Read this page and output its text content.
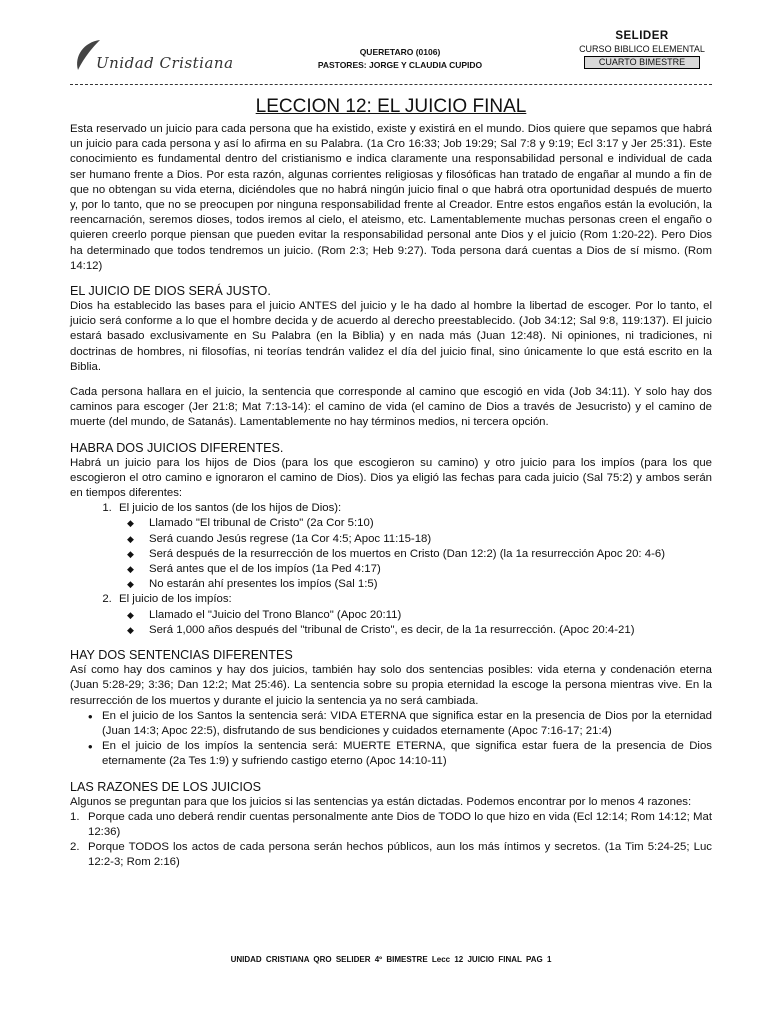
Unidad Cristiana
QUERETARO (0106)
PASTORES: JORGE Y CLAUDIA CUPIDO
SELIDER
CURSO BIBLICO ELEMENTAL
CUARTO BIMESTRE
LECCION 12: EL JUICIO FINAL

Esta reservado un juicio para cada persona que ha existido, existe y existirá en el mundo. Dios quiere que sepamos que habrá un juicio para cada persona y así lo afirma en su Palabra. (1a Cro 16:33; Job 19:29; Sal 7:8 y 9:19; Ecl 3:17 y Jer 25:31). Este conocimiento es fundamental dentro del cristianismo e indica claramente una responsabilidad personal e individual de cada ser humano frente a Dios. Por esta razón, algunas corrientes religiosas y filosóficas han tratado de engañar al mundo a fin de que no obtengan su vida eterna, diciéndoles que no habrá ningún juicio final o que habrá otra oportunidad después de muerto y, por lo tanto, que no se preocupen por ninguna responsabilidad frente al Creador. Entre estos engaños están la evolución, la reencarnación, seremos dioses, todos iremos al cielo, el ateismo, etc. Lamentablemente muchas personas creen el engaño o quieren creerlo porque piensan que pueden evitar la responsabilidad personal ante Dios y el juicio (Rom 1:20-22). Pero Dios ha determinado que todos tendremos un juicio. (Rom 2:3; Heb 9:27). Toda persona dará cuentas a Dios de sí mismo. (Rom 14:12)

EL JUICIO DE DIOS SERÁ JUSTO.

Dios ha establecido las bases para el juicio ANTES del juicio y le ha dado al hombre la libertad de escoger. Por lo tanto, el juicio será conforme a lo que el hombre decida y de acuerdo al derecho preestablecido. (Job 34:12; Sal 9:8, 119:137). El juicio estará basado exclusivamente en Su Palabra (en la Biblia) y en nada más (Juan 12:48). Ni opiniones, ni tradiciones, ni doctrinas de hombres, ni filosofías, ni teorías tendrán validez el día del juicio final, sino únicamente lo que está escrito en la Biblia.

Cada persona hallara en el juicio, la sentencia que corresponde al camino que escogió en vida (Job 34:11). Y solo hay dos caminos para escoger (Jer 21:8; Mat 7:13-14): el camino de vida (el camino de Dios a través de Jesucristo) y el camino de muerte (del mundo, de Satanás). Lamentablemente no hay términos medios, ni tercera opción.

HABRA DOS JUICIOS DIFERENTES.

Habrá un juicio para los hijos de Dios (para los que escogieron su camino) y otro juicio para los impíos (para los que escogieron el otro camino e ignoraron el camino de Dios). Dios ya eligió las fechas para cada juicio (Sal 75:2) y ambos serán en tiempos diferentes:

1. El juicio de los santos (de los hijos de Dios):
◆ Llamado "El tribunal de Cristo" (2a Cor 5:10)
◆ Será cuando Jesús regrese (1a Cor 4:5; Apoc 11:15-18)
◆ Será después de la resurrección de los muertos en Cristo (Dan 12:2) (la 1a resurrección Apoc 20: 4-6)
◆ Será antes que el de los impíos (1a Ped 4:17)
◆ No estarán ahí presentes los impíos (Sal 1:5)
2. El juicio de los impíos:
◆ Llamado el "Juicio del Trono Blanco" (Apoc 20:11)
◆ Será 1,000 años después del "tribunal de Cristo", es decir, de la 1a resurrección. (Apoc 20:4-21)
HAY DOS SENTENCIAS DIFERENTES

Así como hay dos caminos y hay dos juicios, también hay solo dos sentencias posibles: vida eterna y condenación eterna (Juan 5:28-29; 3:36; Dan 12:2; Mat 25:46). La sentencia sobre su propia eternidad la escoge la persona mientras vive. En la resurrección de los muertos y durante el juicio la sentencia ya no será cambiada.

• En el juicio de los Santos la sentencia será: VIDA ETERNA que significa estar en la presencia de Dios por la eternidad (Juan 14:3; Apoc 22:5), disfrutando de sus bendiciones y cuidados eternamente (Apoc 7:16-17; 21:4)
• En el juicio de los impíos la sentencia será: MUERTE ETERNA, que significa estar fuera de la presencia de Dios eternamente (2a Tes 1:9) y sufriendo castigo eterno (Apoc 14:10-11)
LAS RAZONES DE LOS JUICIOS

Algunos se preguntan para que los juicios si las sentencias ya están dictadas. Podemos encontrar por lo menos 4 razones:

1. Porque cada uno deberá rendir cuentas personalmente ante Dios de TODO lo que hizo en vida (Ecl 12:14; Rom 14:12; Mat 12:36)
2. Porque TODOS los actos de cada persona serán hechos públicos, aun los más íntimos y secretos. (1a Tim 5:24-25; Luc 12:2-3; Rom 2:16)
UNIDAD CRISTIANA QRO SELIDER 4º BIMESTRE Lecc 12 JUICIO FINAL PAG 1
